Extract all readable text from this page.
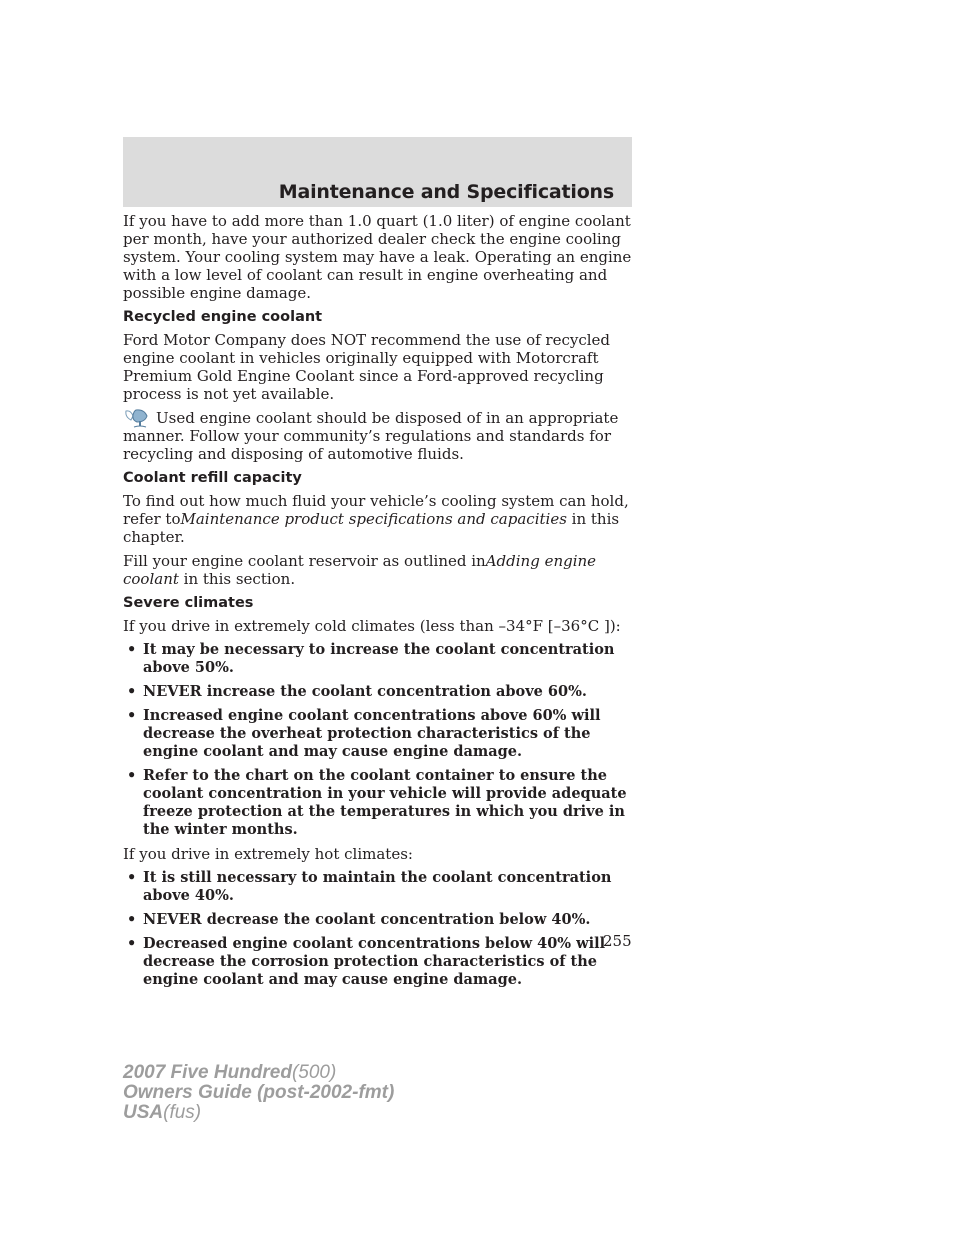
Maintenance and Specifications

If you have to add more than 1.0 quart (1.0 liter) of engine coolant per month, have your authorized dealer check the engine cooling system. Your cooling system may have a leak. Operating an engine with a low level of coolant can result in engine overheating and possible engine damage.

Recycled engine coolant

Ford Motor Company does NOT recommend the use of recycled engine coolant in vehicles originally equipped with Motorcraft Premium Gold Engine Coolant since a Ford-approved recycling process is not yet available.

Used engine coolant should be disposed of in an appropriate
manner. Follow your community’s regulations and standards for recycling and disposing of automotive fluids.
Coolant refill capacity

To find out how much fluid your vehicle’s cooling system can hold, refer toMaintenance product specifications and capacities in this chapter.

Fill your engine coolant reservoir as outlined inAdding engine coolant in this section.

Severe climates

If you drive in extremely cold climates (less than –34°F [–36°C ]):

• It may be necessary to increase the coolant concentration above 50%.
• NEVER increase the coolant concentration above 60%.
• Increased engine coolant concentrations above 60% will decrease the overheat protection characteristics of the engine coolant and may cause engine damage.
• Refer to the chart on the coolant container to ensure the coolant concentration in your vehicle will provide adequate freeze protection at the temperatures in which you drive in the winter months.

If you drive in extremely hot climates:

• It is still necessary to maintain the coolant concentration above 40%.
• NEVER decrease the coolant concentration below 40%.
• Decreased engine coolant concentrations below 40% will decrease the corrosion protection characteristics of the engine coolant and may cause engine damage.
255
2007 Five Hundred(500)
Owners Guide (post-2002-fmt)
USA(fus)
